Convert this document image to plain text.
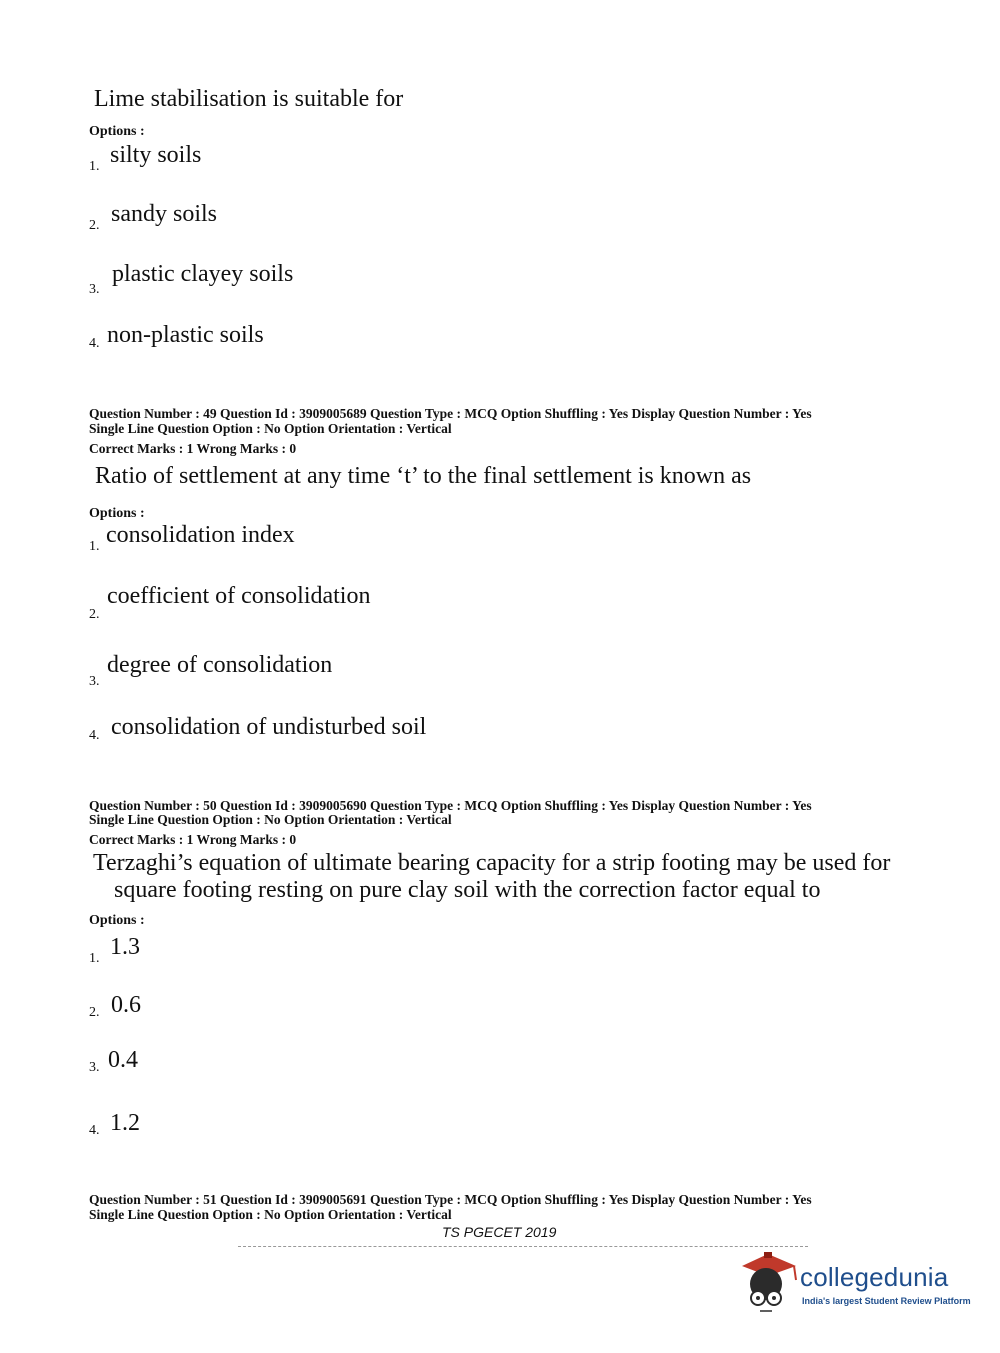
Lime stabilisation is suitable for
Options :
1. silty soils
2. sandy soils
3.
plastic clayey soils
4. non-plastic soils
Question Number : 49 Question Id : 3909005689 Question Type : MCQ Option Shuffling : Yes Display Question Number : Yes
Single Line Question Option : No Option Orientation : Vertical
Correct Marks : 1 Wrong Marks : 0
Ratio of settlement at any time ‘t’ to the final settlement is known as
Options :
1. consolidation index
2.
coefficient of consolidation
3.
degree of consolidation
4. consolidation of undisturbed soil
Question Number : 50 Question Id : 3909005690 Question Type : MCQ Option Shuffling : Yes Display Question Number : Yes
Single Line Question Option : No Option Orientation : Vertical
Correct Marks : 1 Wrong Marks : 0
Terzaghi’s equation of ultimate bearing capacity for a strip footing may be used for
square footing resting on pure clay soil with the correction factor equal to
Options :
1. 1.3
2. 0.6
3. 0.4
4. 1.2
Question Number : 51 Question Id : 3909005691 Question Type : MCQ Option Shuffling : Yes Display Question Number : Yes
Single Line Question Option : No Option Orientation : Vertical
TS PGECET 2019
collegedunia
India's largest Student Review Platform
